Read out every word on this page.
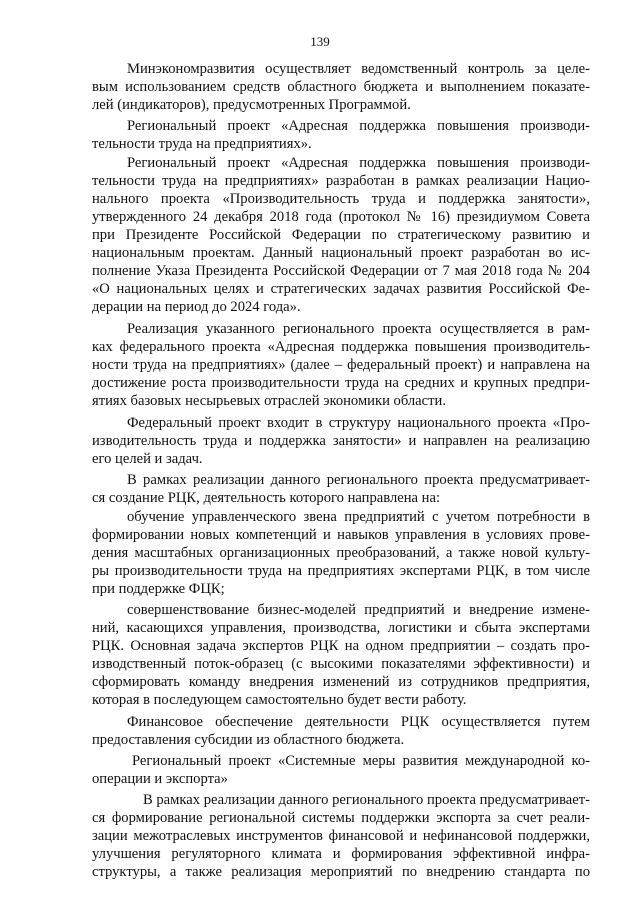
139
Минэкономразвития осуществляет ведомственный контроль за целе-
вым использованием средств областного бюджета и выполнением показате-
лей (индикаторов), предусмотренных Программой.
Региональный проект «Адресная поддержка повышения производи-
тельности труда на предприятиях».
Региональный проект «Адресная поддержка повышения производи-
тельности труда на предприятиях» разработан в рамках реализации Нацио-
нального проекта «Производительность труда и поддержка занятости»,
утвержденного 24 декабря 2018 года (протокол № 16) президиумом Совета
при Президенте Российской Федерации по стратегическому развитию и
национальным проектам. Данный национальный проект разработан во ис-
полнение Указа Президента Российской Федерации от 7 мая 2018 года № 204
«О национальных целях и стратегических задачах развития Российской Фе-
дерации на период до 2024 года».
Реализация указанного регионального проекта осуществляется в рам-
ках федерального проекта «Адресная поддержка повышения производитель-
ности труда на предприятиях» (далее – федеральный проект) и направлена на
достижение роста производительности труда на средних и крупных предпри-
ятиях базовых несырьевых отраслей экономики области.
Федеральный проект входит в структуру национального проекта «Про-
изводительность труда и поддержка занятости» и направлен на реализацию
его целей и задач.
В рамках реализации данного регионального проекта предусматривает-
ся создание РЦК, деятельность которого направлена на:
обучение управленческого звена предприятий с учетом потребности в
формировании новых компетенций и навыков управления в условиях прове-
дения масштабных организационных преобразований, а также новой культу-
ры производительности труда на предприятиях экспертами РЦК, в том числе
при поддержке ФЦК;
совершенствование бизнес-моделей предприятий и внедрение измене-
ний, касающихся управления, производства, логистики и сбыта экспертами
РЦК. Основная задача экспертов РЦК на одном предприятии – создать про-
изводственный поток-образец (с высокими показателями эффективности) и
сформировать команду внедрения изменений из сотрудников предприятия,
которая в последующем самостоятельно будет вести работу.
Финансовое обеспечение деятельности РЦК осуществляется путем
предоставления субсидии из областного бюджета.
Региональный проект «Системные меры развития международной ко-
операции и экспорта»
В рамках реализации данного регионального проекта предусматривает-
ся формирование региональной системы поддержки экспорта за счет реали-
зации межотраслевых инструментов финансовой и нефинансовой поддержки,
улучшения регуляторного климата и формирования эффективной инфра-
структуры, а также реализация мероприятий по внедрению стандарта по
